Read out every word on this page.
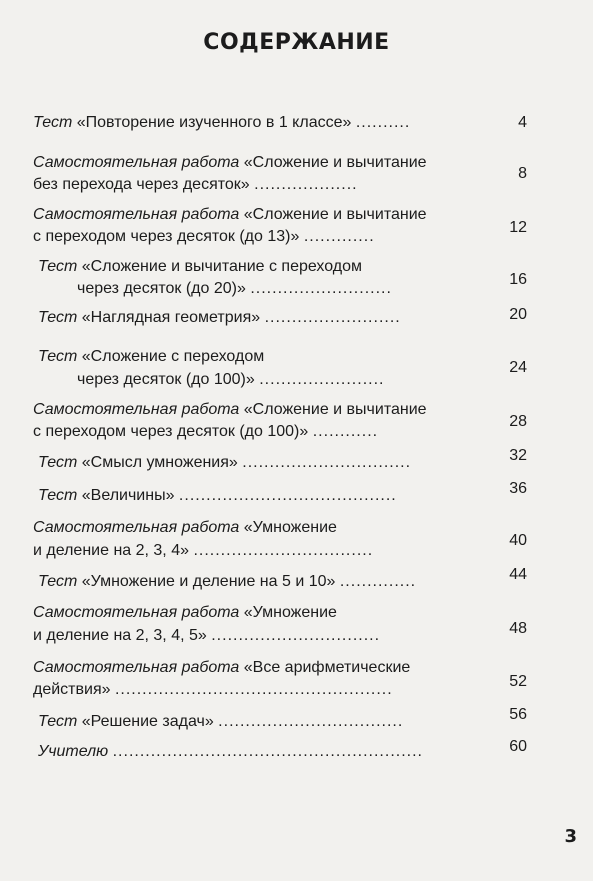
СОДЕРЖАНИЕ
Тест «Повторение изученного в 1 классе» ..........	4
Самостоятельная работа «Сложение и вычитание
без перехода через десяток» ...................
8
Самостоятельная работа «Сложение и вычитание
с переходом через десяток (до 13)» .............
12
Тест «Сложение и вычитание с переходом
через десяток (до 20)» ..........................
16
Тест «Наглядная геометрия» .........................	20
Тест «Сложение с переходом
через десяток (до 100)» .......................
24
Самостоятельная работа «Сложение и вычитание
с переходом через десяток (до 100)» ............
28
Тест «Смысл умножения» ...............................	32
Тест «Величины» ........................................	36
Самостоятельная работа «Умножение
и деление на 2, 3, 4» .................................
40
Тест «Умножение и деление на 5 и 10» ..............	44
Самостоятельная работа «Умножение
и деление на 2, 3, 4, 5» ...............................	48
Самостоятельная работа «Все арифметические
действия» ...................................................	52
Тест «Решение задач» ..................................	56
Учителю .........................................................	60
3
